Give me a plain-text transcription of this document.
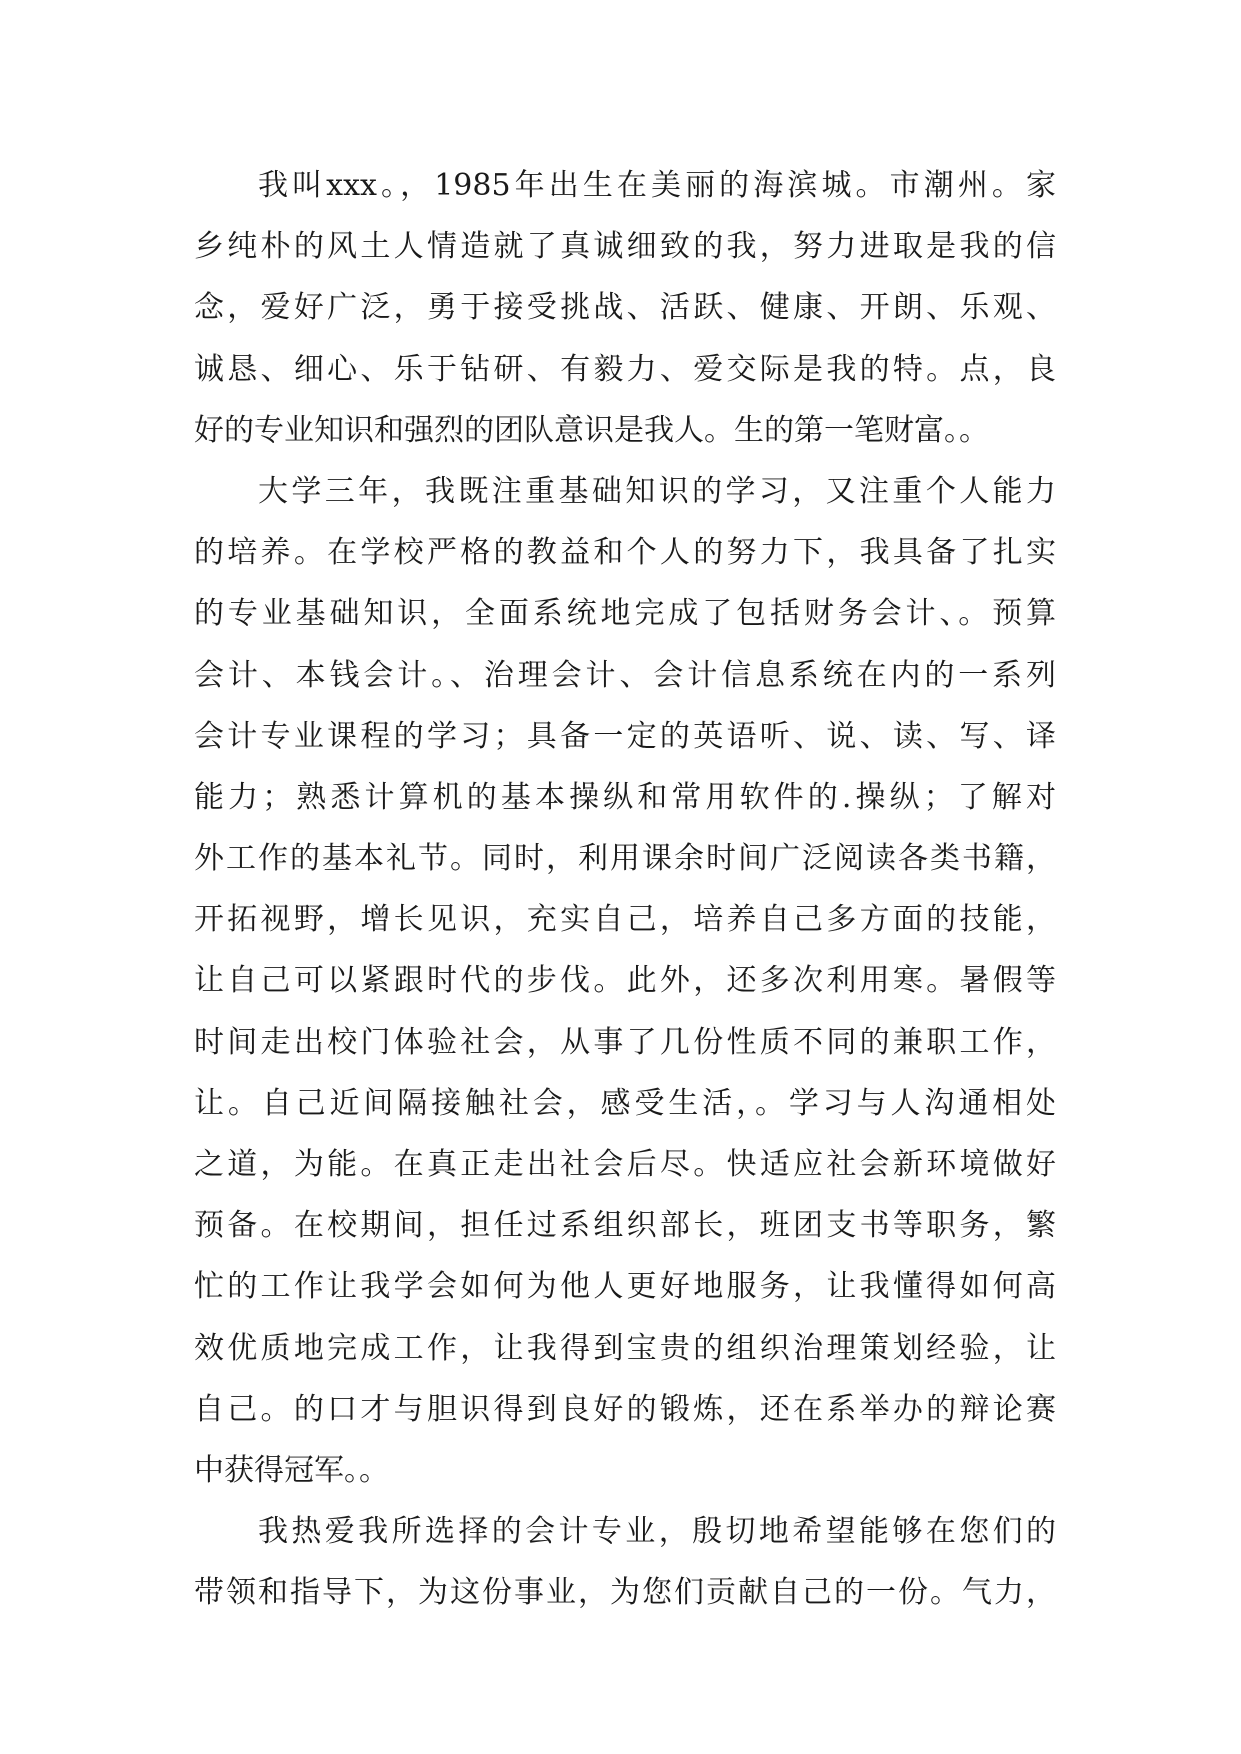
我叫xxx。，1985年出生在美丽的海滨城。市潮州。家
乡纯朴的风土人情造就了真诚细致的我，努力进取是我的信
念，爱好广泛，勇于接受挑战、活跃、健康、开朗、乐观、
诚恳、细心、乐于钻研、有毅力、爱交际是我的特。点，良
好的专业知识和强烈的团队意识是我人。生的第一笔财富。。
大学三年，我既注重基础知识的学习，又注重个人能力
的培养。在学校严格的教益和个人的努力下，我具备了扎实
的专业基础知识，全面系统地完成了包括财务会计、。预算
会计、本钱会计。、治理会计、会计信息系统在内的一系列
会计专业课程的学习；具备一定的英语听、说、读、写、译
能力；熟悉计算机的基本操纵和常用软件的.操纵；了解对
外工作的基本礼节。同时，利用课余时间广泛阅读各类书籍，
开拓视野，增长见识，充实自己，培养自己多方面的技能，
让自己可以紧跟时代的步伐。此外，还多次利用寒。暑假等
时间走出校门体验社会，从事了几份性质不同的兼职工作，
让。自己近间隔接触社会，感受生活，。学习与人沟通相处
之道，为能。在真正走出社会后尽。快适应社会新环境做好
预备。在校期间，担任过系组织部长，班团支书等职务，繁
忙的工作让我学会如何为他人更好地服务，让我懂得如何高
效优质地完成工作，让我得到宝贵的组织治理策划经验，让
自己。的口才与胆识得到良好的锻炼，还在系举办的辩论赛
中获得冠军。。
我热爱我所选择的会计专业，殷切地希望能够在您们的
带领和指导下，为这份事业，为您们贡献自己的一份。气力，
